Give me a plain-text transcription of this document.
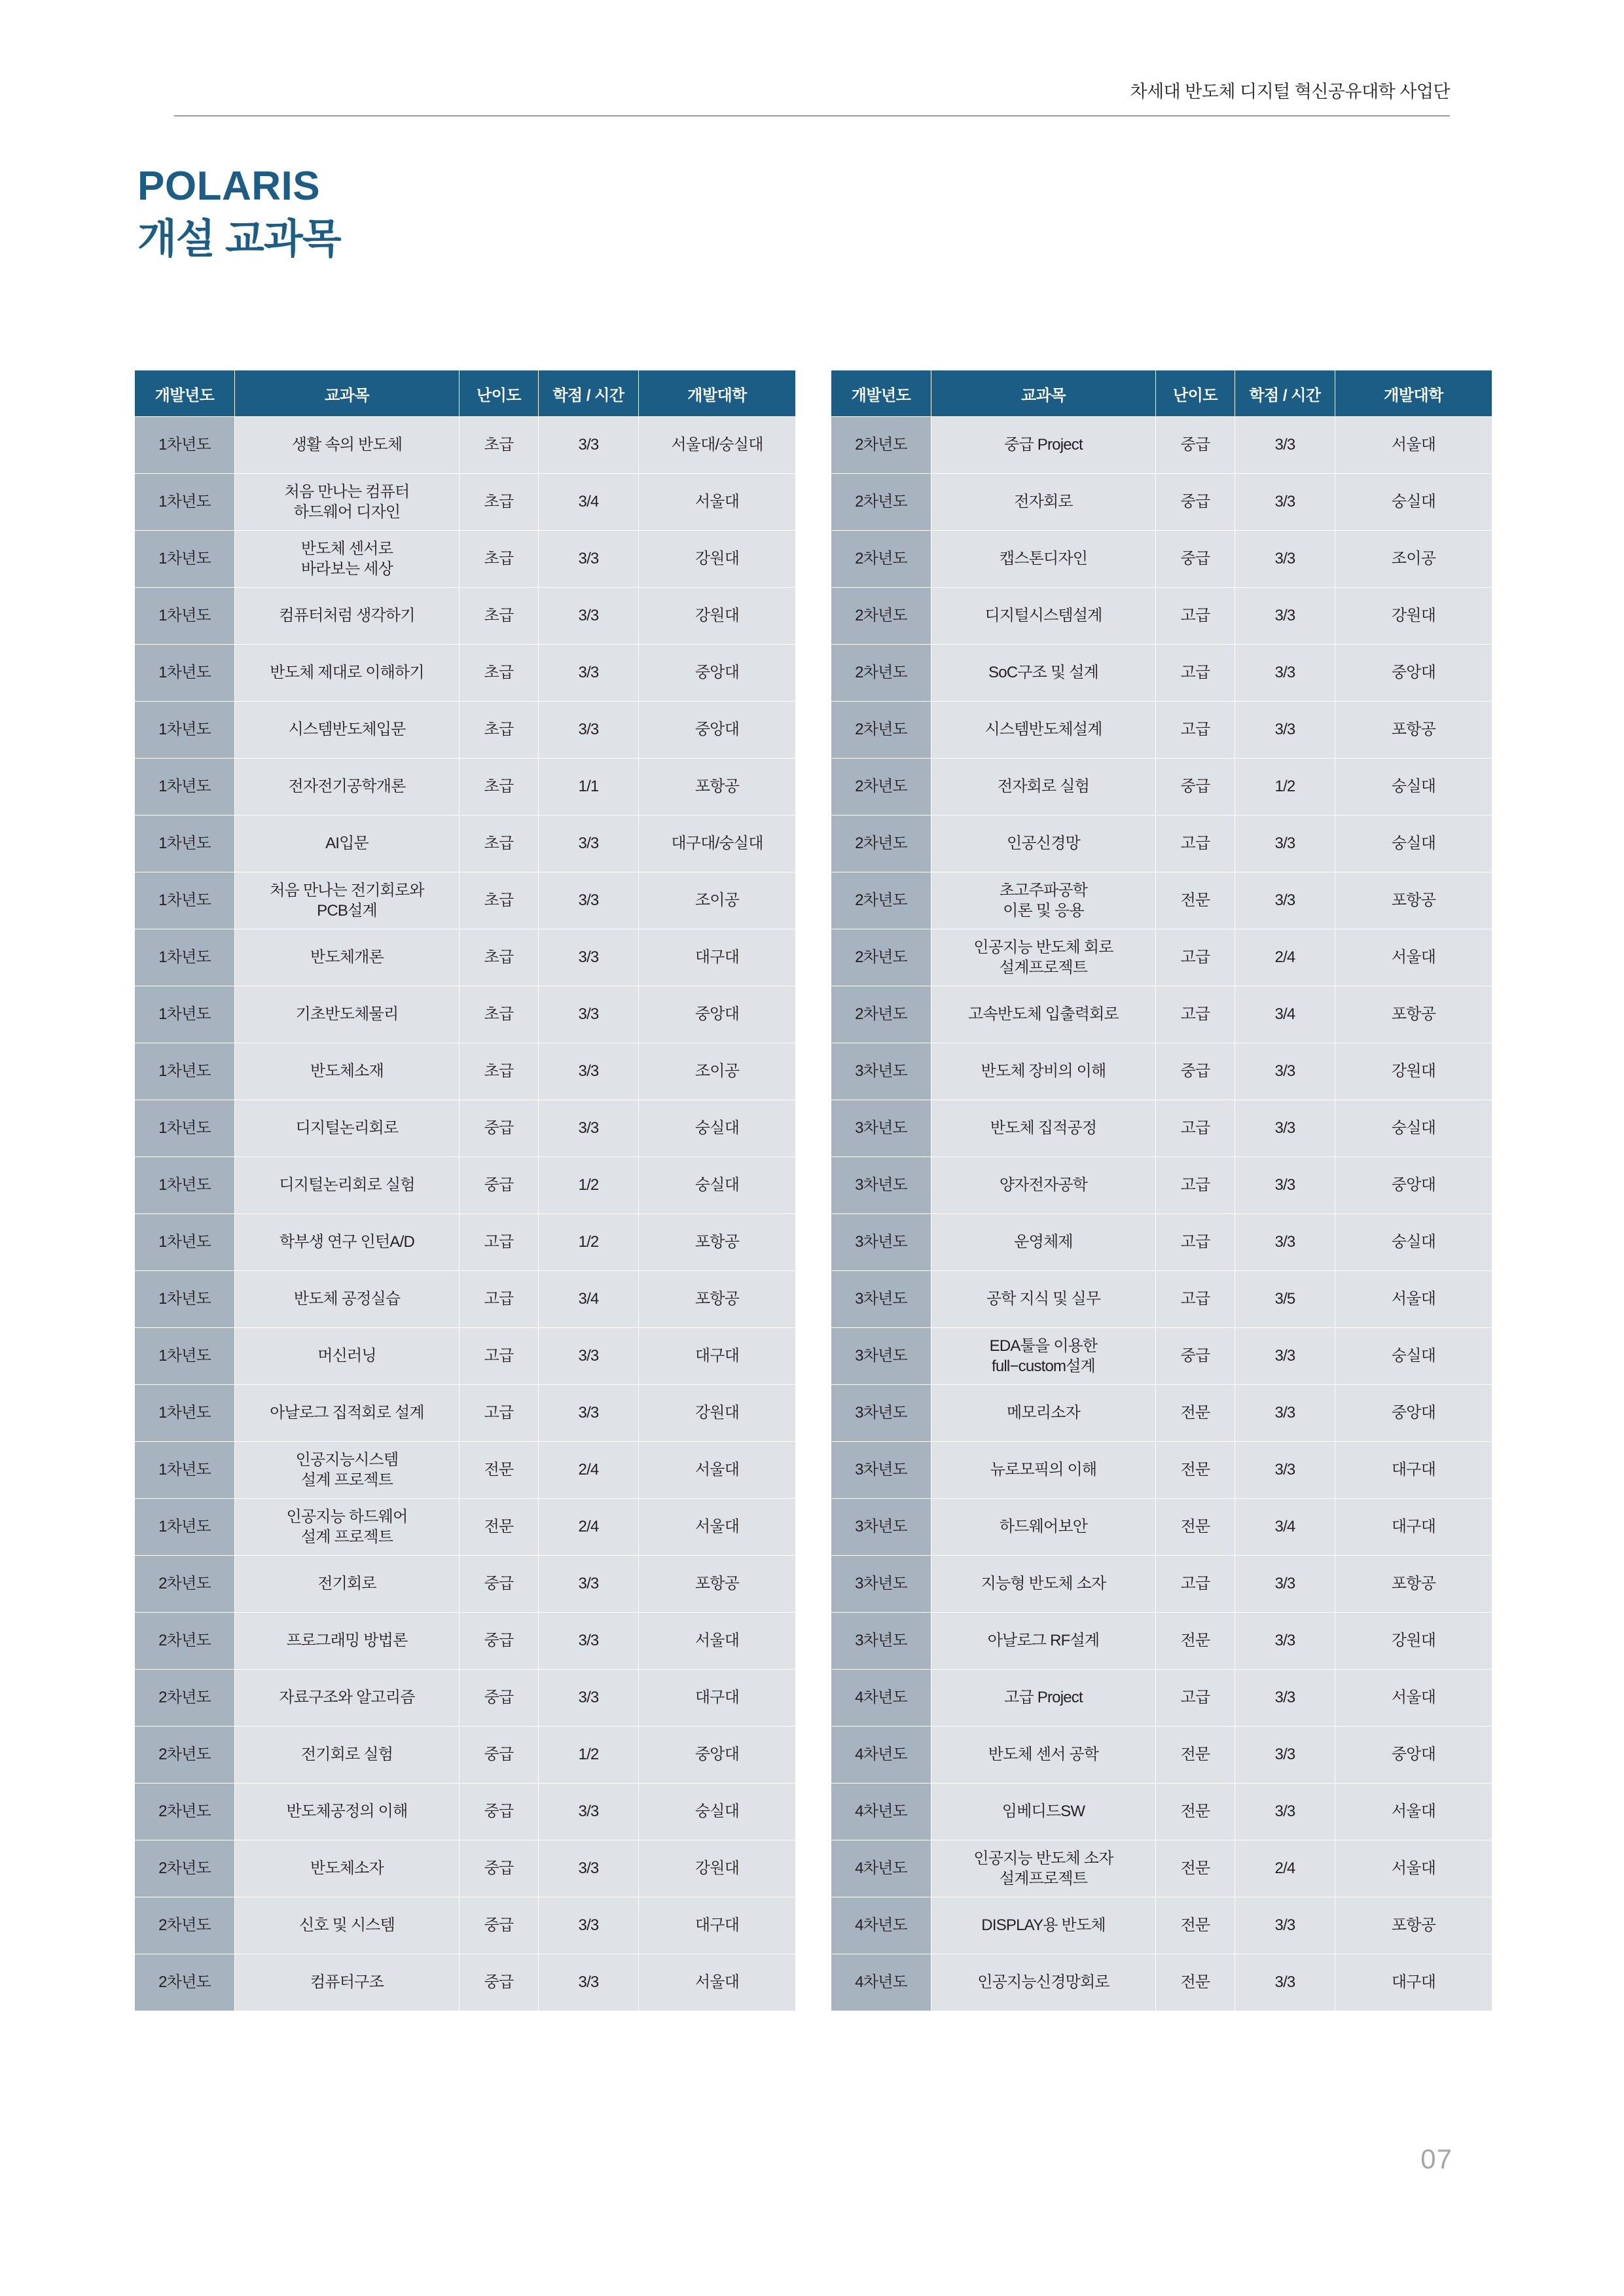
차세대 반도체 디지털 혁신공유대학 사업단
POLARIS
개설 교과목
개발년도	교과목	난이도	학점 / 시간	개발대학
1차년도	생활 속의 반도체	초급	3/3	서울대/숭실대
1차년도	처음 만나는 컴퓨터
하드웨어 디자인	초급	3/4	서울대
1차년도	반도체 센서로
바라보는 세상	초급	3/3	강원대
1차년도	컴퓨터처럼 생각하기	초급	3/3	강원대
1차년도	반도체 제대로 이해하기	초급	3/3	중앙대
1차년도	시스템반도체입문	초급	3/3	중앙대
1차년도	전자전기공학개론	초급	1/1	포항공
1차년도	AI입문	초급	3/3	대구대/숭실대
1차년도	처음 만나는 전기회로와
PCB설계	초급	3/3	조이공
1차년도	반도체개론	초급	3/3	대구대
1차년도	기초반도체물리	초급	3/3	중앙대
1차년도	반도체소재	초급	3/3	조이공
1차년도	디지털논리회로	중급	3/3	숭실대
1차년도	디지털논리회로 실험	중급	1/2	숭실대
1차년도	학부생 연구 인턴A/D	고급	1/2	포항공
1차년도	반도체 공정실습	고급	3/4	포항공
1차년도	머신러닝	고급	3/3	대구대
1차년도	아날로그 집적회로 설계	고급	3/3	강원대
1차년도	인공지능시스템
설계 프로젝트	전문	2/4	서울대
1차년도	인공지능 하드웨어
설계 프로젝트	전문	2/4	서울대
2차년도	전기회로	중급	3/3	포항공
2차년도	프로그래밍 방법론	중급	3/3	서울대
2차년도	자료구조와 알고리즘	중급	3/3	대구대
2차년도	전기회로 실험	중급	1/2	중앙대
2차년도	반도체공정의 이해	중급	3/3	숭실대
2차년도	반도체소자	중급	3/3	강원대
2차년도	신호 및 시스템	중급	3/3	대구대
2차년도	컴퓨터구조	중급	3/3	서울대
개발년도	교과목	난이도	학점 / 시간	개발대학
2차년도	중급 Project	중급	3/3	서울대
2차년도	전자회로	중급	3/3	숭실대
2차년도	캡스톤디자인	중급	3/3	조이공
2차년도	디지털시스템설계	고급	3/3	강원대
2차년도	SoC구조 및 설계	고급	3/3	중앙대
2차년도	시스템반도체설계	고급	3/3	포항공
2차년도	전자회로 실험	중급	1/2	숭실대
2차년도	인공신경망	고급	3/3	숭실대
2차년도	초고주파공학
이론 및 응용	전문	3/3	포항공
2차년도	인공지능 반도체 회로
설계프로젝트	고급	2/4	서울대
2차년도	고속반도체 입출력회로	고급	3/4	포항공
3차년도	반도체 장비의 이해	중급	3/3	강원대
3차년도	반도체 집적공정	고급	3/3	숭실대
3차년도	양자전자공학	고급	3/3	중앙대
3차년도	운영체제	고급	3/3	숭실대
3차년도	공학 지식 및 실무	고급	3/5	서울대
3차년도	EDA툴을 이용한
full−custom설계	중급	3/3	숭실대
3차년도	메모리소자	전문	3/3	중앙대
3차년도	뉴로모픽의 이해	전문	3/3	대구대
3차년도	하드웨어보안	전문	3/4	대구대
3차년도	지능형 반도체 소자	고급	3/3	포항공
3차년도	아날로그 RF설계	전문	3/3	강원대
4차년도	고급 Project	고급	3/3	서울대
4차년도	반도체 센서 공학	전문	3/3	중앙대
4차년도	임베디드SW	전문	3/3	서울대
4차년도	인공지능 반도체 소자
설계프로젝트	전문	2/4	서울대
4차년도	DISPLAY용 반도체	전문	3/3	포항공
4차년도	인공지능신경망회로	전문	3/3	대구대
07
